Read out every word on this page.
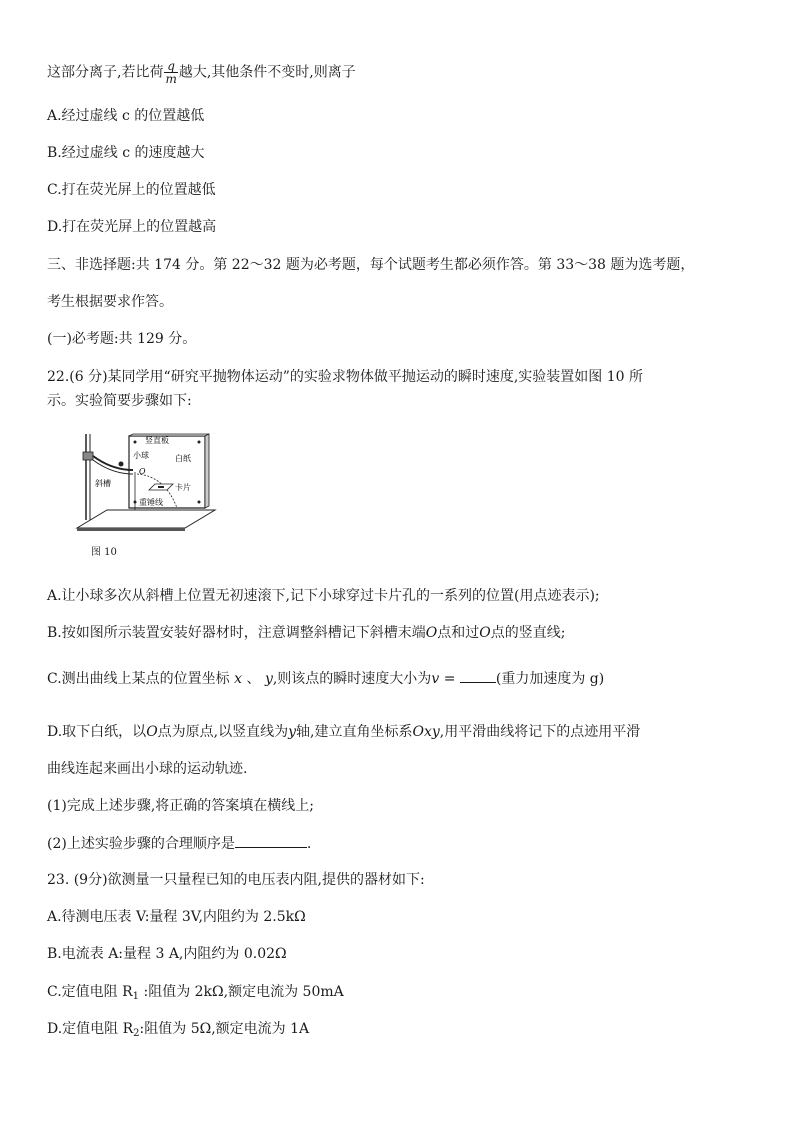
这部分离子,若比荷 $\frac{q}{m}$ 越大,其他条件不变时,则离子
A.经过虚线 c 的位置越低
B.经过虚线 c 的速度越大
C.打在荧光屏上的位置越低
D.打在荧光屏上的位置越高
三、非选择题:共 174 分。第 22～32 题为必考题，每个试题考生都必须作答。第 33～38 题为选考题，
考生根据要求作答。
(一)必考题:共 129 分。
22.(6 分)某同学用“研究平抛物体运动”的实验求物体做平抛运动的瞬时速度,实验装置如图 10 所
示。实验简要步骤如下:
竖直板
小球	白纸
O
斜槽	卡片
重锤线
图 10
A.让小球多次从斜槽上位置无初速滚下,记下小球穿过卡片孔的一系列的位置(用点迹表示);
B.按如图所示装置安装好器材时，注意调整斜槽记下斜槽末端O点和过O点的竖直线;
C.测出曲线上某点的位置坐标 x 、 y,则该点的瞬时速度大小为v =	(重力加速度为 g)
D.取下白纸，以O点为原点,以竖直线为y轴,建立直角坐标系Oxy,用平滑曲线将记下的点迹用平滑
曲线连起来画出小球的运动轨迹.
(1)完成上述步骤,将正确的答案填在横线上;
(2)上述实验步骤的合理顺序是	.
23. (9分)欲测量一只量程已知的电压表内阻,提供的器材如下:
A.待测电压表 V:量程 3V,内阻约为 2.5kΩ
B.电流表 A:量程 3 A,内阻约为 0.02Ω
C.定值电阻 $R_1$ :阻值为 2kΩ,额定电流为 50mA
D.定值电阻 $R_2$:阻值为 5Ω,额定电流为 1A
